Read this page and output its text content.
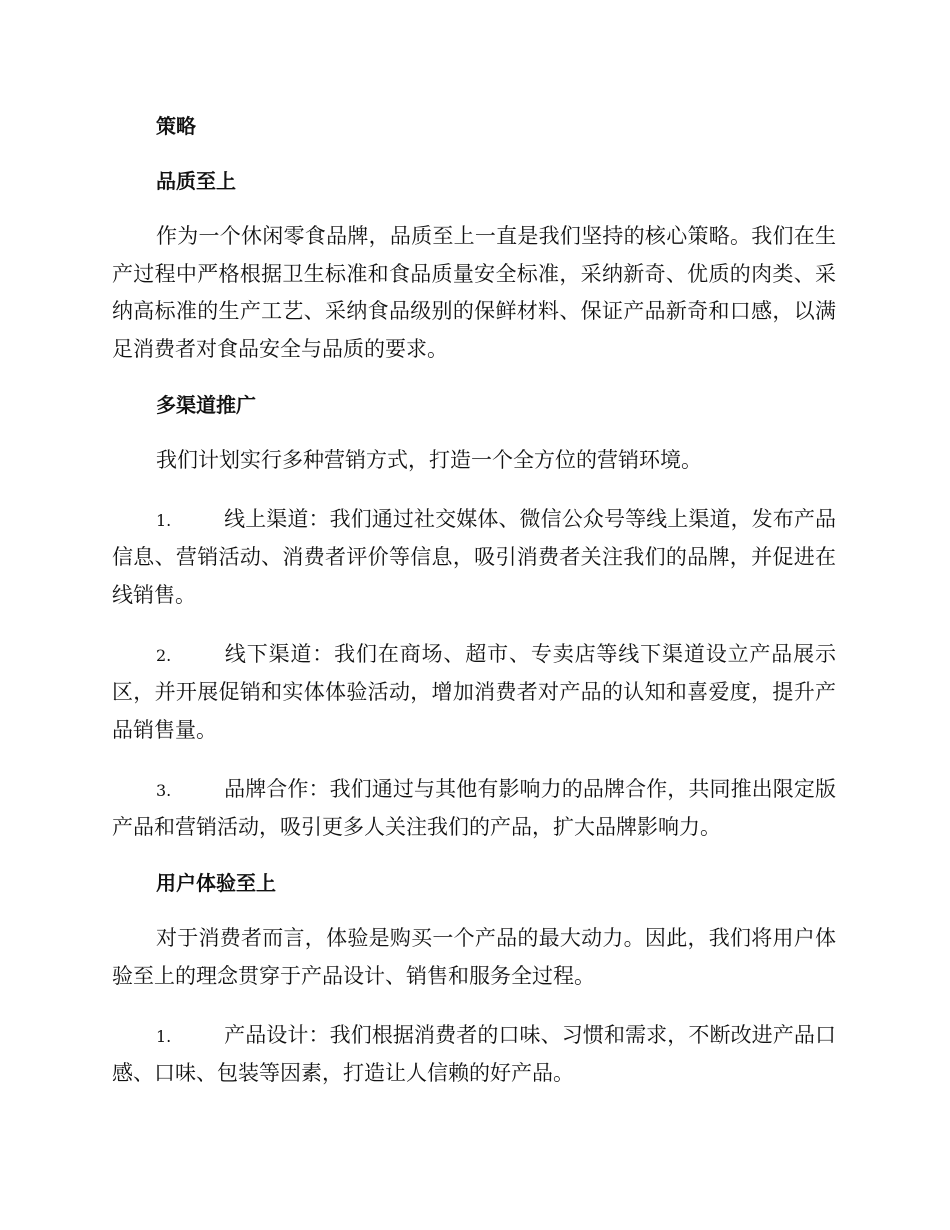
策略
品质至上

作为一个休闲零食品牌，品质至上一直是我们坚持的核心策略。我们在生产过程中严格根据卫生标准和食品质量安全标准，采纳新奇、优质的肉类、采纳高标准的生产工艺、采纳食品级别的保鲜材料、保证产品新奇和口感，以满足消费者对食品安全与品质的要求。

多渠道推广

我们计划实行多种营销方式，打造一个全方位的营销环境。

1.	线上渠道：我们通过社交媒体、微信公众号等线上渠道，发布产品信息、营销活动、消费者评价等信息，吸引消费者关注我们的品牌，并促进在线销售。

2.	线下渠道：我们在商场、超市、专卖店等线下渠道设立产品展示区，并开展促销和实体体验活动，增加消费者对产品的认知和喜爱度，提升产品销售量。

3.	品牌合作：我们通过与其他有影响力的品牌合作，共同推出限定版产品和营销活动，吸引更多人关注我们的产品，扩大品牌影响力。

用户体验至上

对于消费者而言，体验是购买一个产品的最大动力。因此，我们将用户体验至上的理念贯穿于产品设计、销售和服务全过程。

1.	产品设计：我们根据消费者的口味、习惯和需求，不断改进产品口感、口味、包装等因素，打造让人信赖的好产品。
